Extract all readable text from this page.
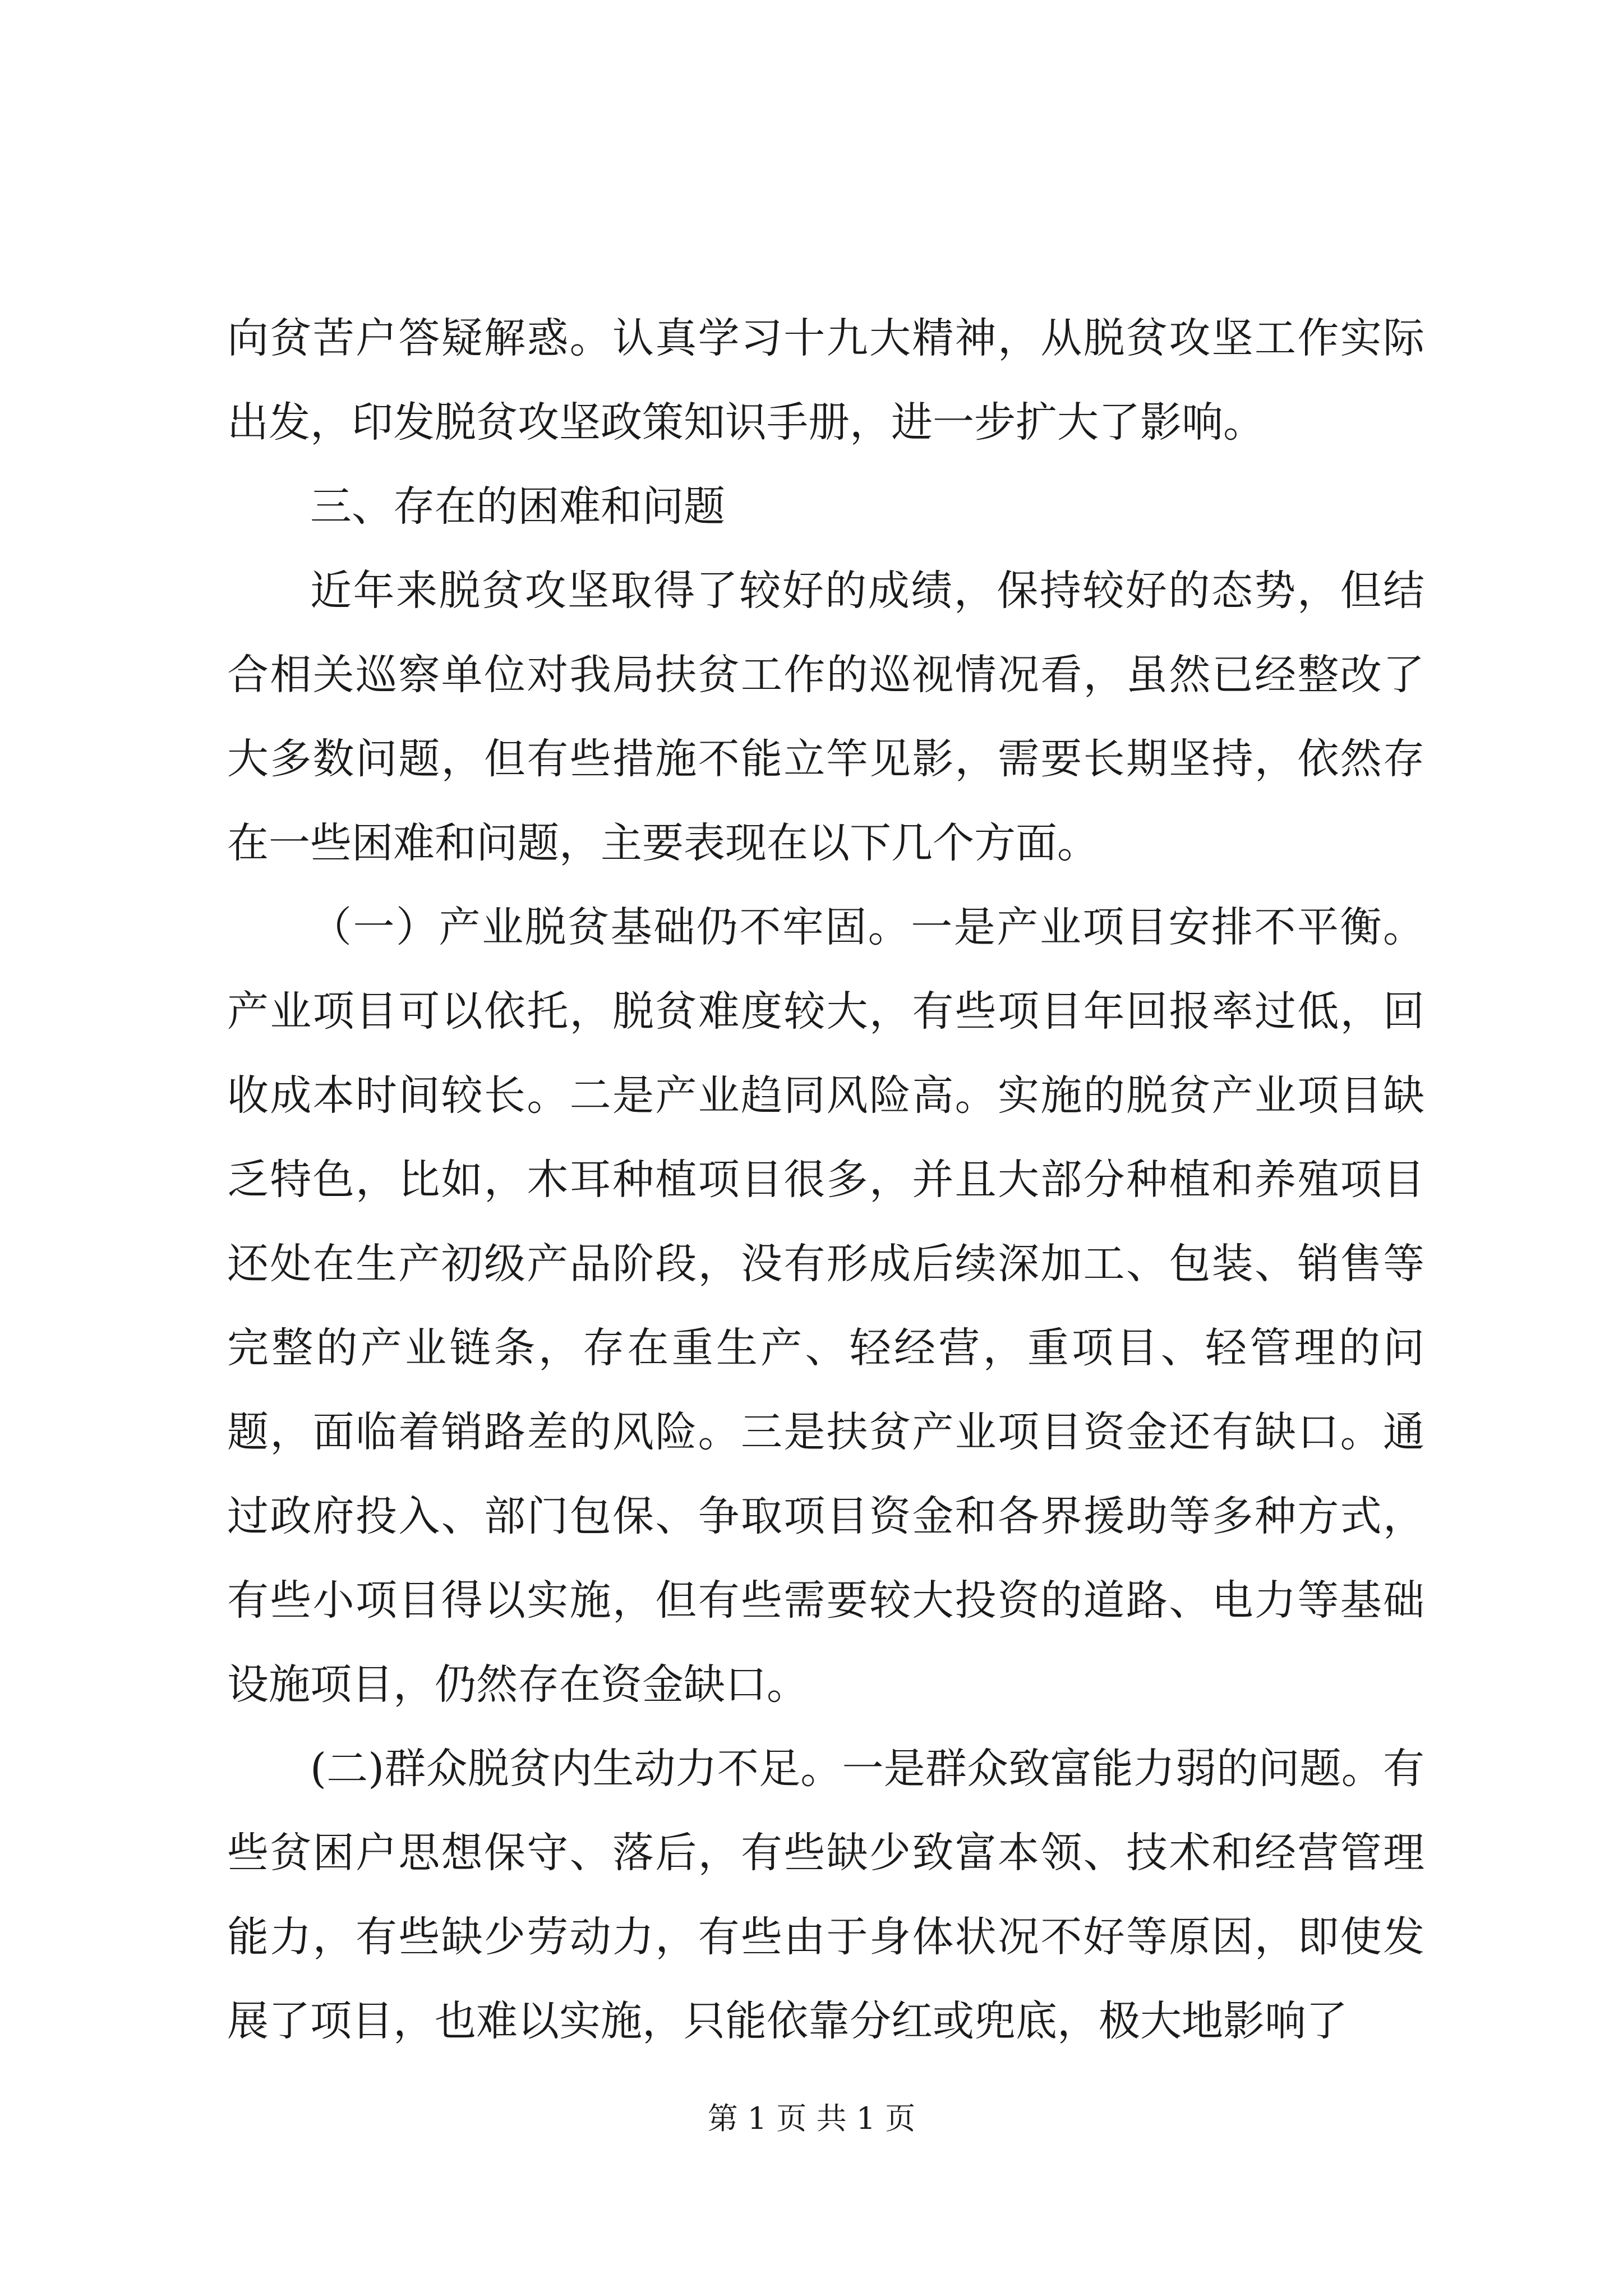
向贫苦户答疑解惑。认真学习十九大精神，从脱贫攻坚工作实际出发，印发脱贫攻坚政策知识手册，进一步扩大了影响。

三、存在的困难和问题

近年来脱贫攻坚取得了较好的成绩，保持较好的态势，但结合相关巡察单位对我局扶贫工作的巡视情况看，虽然已经整改了大多数问题，但有些措施不能立竿见影，需要长期坚持，依然存在一些困难和问题，主要表现在以下几个方面。

（一）产业脱贫基础仍不牢固。一是产业项目安排不平衡。产业项目可以依托，脱贫难度较大，有些项目年回报率过低，回收成本时间较长。二是产业趋同风险高。实施的脱贫产业项目缺乏特色，比如，木耳种植项目很多，并且大部分种植和养殖项目还处在生产初级产品阶段，没有形成后续深加工、包装、销售等完整的产业链条，存在重生产、轻经营，重项目、轻管理的问题，面临着销路差的风险。三是扶贫产业项目资金还有缺口。通过政府投入、部门包保、争取项目资金和各界援助等多种方式，有些小项目得以实施，但有些需要较大投资的道路、电力等基础设施项目，仍然存在资金缺口。

(二)群众脱贫内生动力不足。一是群众致富能力弱的问题。有些贫困户思想保守、落后，有些缺少致富本领、技术和经营管理能力，有些缺少劳动力，有些由于身体状况不好等原因，即使发展了项目，也难以实施，只能依靠分红或兜底，极大地影响了

第 1 页 共 1 页
